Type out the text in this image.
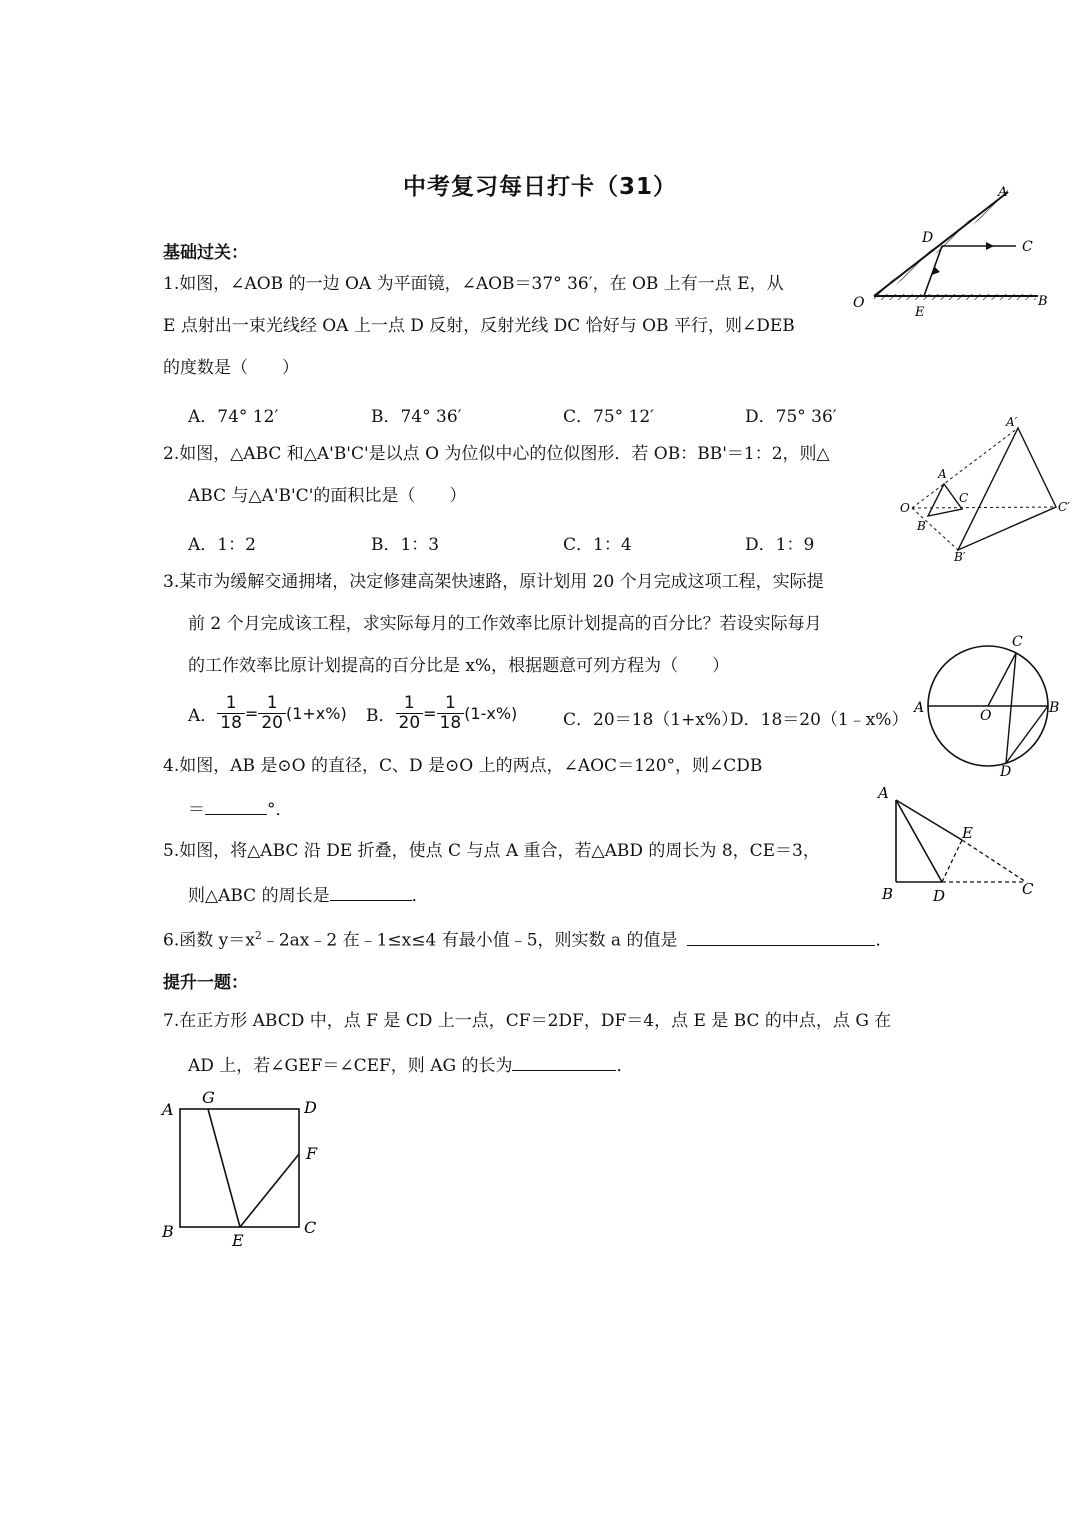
中考复习每日打卡（31）
基础过关：
1.如图，∠AOB 的一边 OA 为平面镜，∠AOB＝37° 36′，在 OB 上有一点 E，从
E 点射出一束光线经 OA 上一点 D 反射，反射光线 DC 恰好与 OB 平行，则∠DEB
的度数是（　　）
A．74° 12′	B．74° 36′	C．75° 12′	D．75° 36′
2.如图，△ABC 和△A'B'C'是以点 O 为位似中心的位似图形．若 OB：BB'＝1：2，则△
ABC 与△A'B'C'的面积比是（　　）
A．1：2	B．1：3	C．1：4	D．1：9
3.某市为缓解交通拥堵，决定修建高架快速路，原计划用 20 个月完成这项工程，实际提
前 2 个月完成该工程，求实际每月的工作效率比原计划提高的百分比？若设实际每月
的工作效率比原计划提高的百分比是 x%，根据题意可列方程为（　　）
A． $\frac{1}{18} = \frac{1}{20} (1+x\%)$ B． $\frac{1}{20} = \frac{1}{18} (1-x\%)$	C．20＝18（1+x%）
D．18＝20（1﹣x%）
4.如图，AB 是⊙O 的直径，C、D 是⊙O 上的两点，∠AOC＝120°，则∠CDB
＝	°．
5.如图，将△ABC 沿 DE 折叠，使点 C 与点 A 重合，若△ABD 的周长为 8，CE＝3，
则△ABC 的周长是	．
6.函数 $y=x^2﹣2ax﹣2$ 在﹣1≤x≤4 有最小值﹣5，则实数 a 的值是	．
提升一题：
7.在正方形 ABCD 中，点 F 是 CD 上一点，CF＝2DF，DF＝4，点 E 是 BC 的中点，点 G 在
AD 上，若∠GEF＝∠CEF，则 AG 的长为	．
A
C
D
O
E
B
A′
A
O
C
C′
B
B′
C
A	O	B
D
A
E
B	D	C
A
G
D
F
B	E
C
